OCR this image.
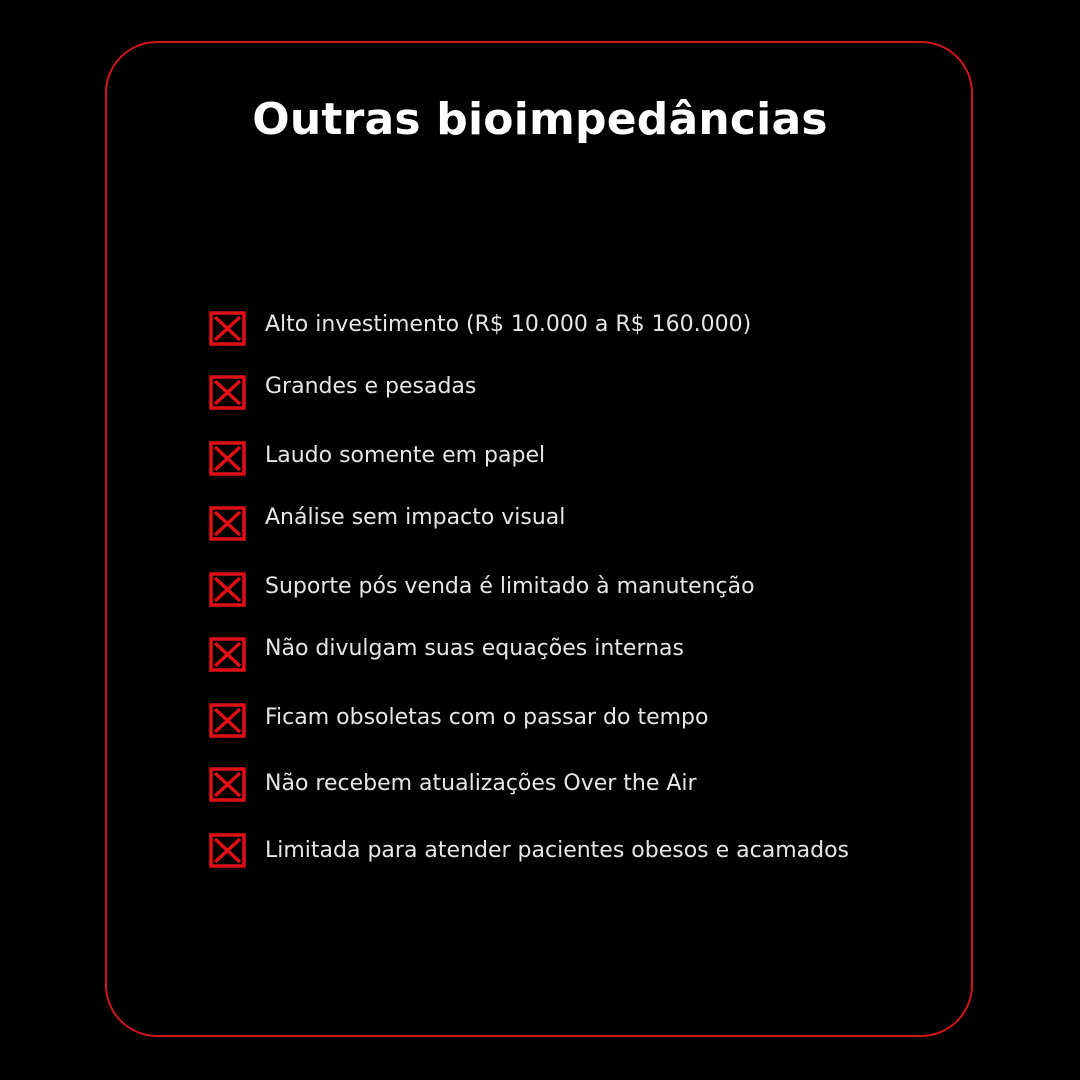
Outras bioimpedâncias
Alto investimento (R$ 10.000 a R$ 160.000)
Grandes e pesadas
Laudo somente em papel
Análise sem impacto visual
Suporte pós venda é limitado à manutenção
Não divulgam suas equações internas
Ficam obsoletas com o passar do tempo
Não recebem atualizações Over the Air
Limitada para atender pacientes obesos e acamados
